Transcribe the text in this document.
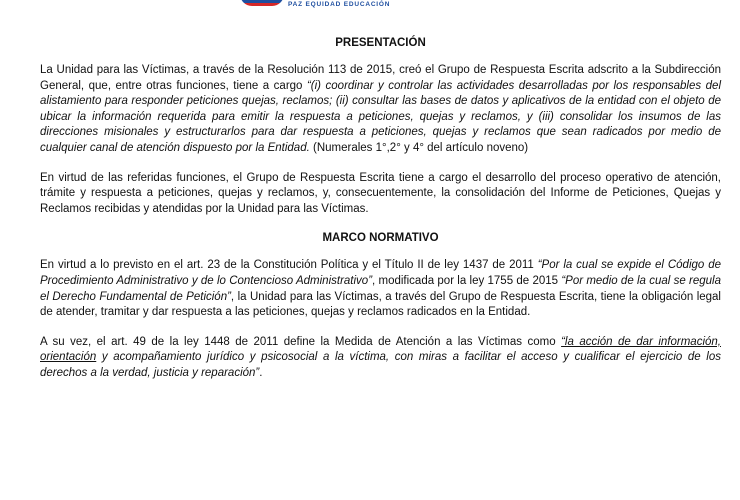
PAZ EQUIDAD EDUCACIÓN
PRESENTACIÓN

La Unidad para las Víctimas, a través de la Resolución 113 de 2015, creó el Grupo de Respuesta Escrita adscrito a la Subdirección General, que, entre otras funciones, tiene a cargo “(i) coordinar y controlar las actividades desarrolladas por los responsables del alistamiento para responder peticiones quejas, reclamos; (ii) consultar las bases de datos y aplicativos de la entidad con el objeto de ubicar la información requerida para emitir la respuesta a peticiones, quejas y reclamos, y (iii) consolidar los insumos de las direcciones misionales y estructurarlos para dar respuesta a peticiones, quejas y reclamos que sean radicados por medio de cualquier canal de atención dispuesto por la Entidad. (Numerales 1°,2° y 4° del artículo noveno)

En virtud de las referidas funciones, el Grupo de Respuesta Escrita tiene a cargo el desarrollo del proceso operativo de atención, trámite y respuesta a peticiones, quejas y reclamos, y, consecuentemente, la consolidación del Informe de Peticiones, Quejas y Reclamos recibidas y atendidas por la Unidad para las Víctimas.

MARCO NORMATIVO

En virtud a lo previsto en el art. 23 de la Constitución Política y el Título II de ley 1437 de 2011 “Por la cual se expide el Código de Procedimiento Administrativo y de lo Contencioso Administrativo”, modificada por la ley 1755 de 2015 “Por medio de la cual se regula el Derecho Fundamental de Petición”, la Unidad para las Víctimas, a través del Grupo de Respuesta Escrita, tiene la obligación legal de atender, tramitar y dar respuesta a las peticiones, quejas y reclamos radicados en la Entidad.

A su vez, el art. 49 de la ley 1448 de 2011 define la Medida de Atención a las Víctimas como “la acción de dar información, orientación y acompañamiento jurídico y psicosocial a la víctima, con miras a facilitar el acceso y cualificar el ejercicio de los derechos a la verdad, justicia y reparación”.
